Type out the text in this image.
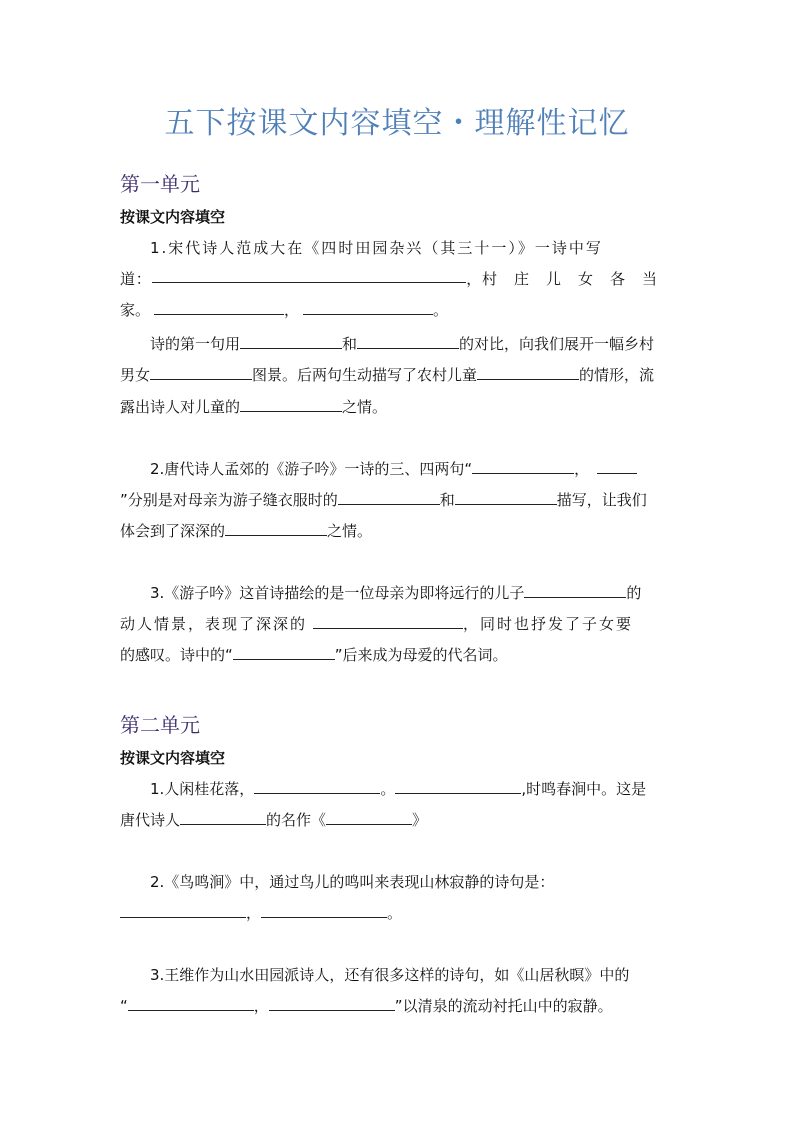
五下按课文内容填空・理解性记忆
第一单元
按课文内容填空
1.宋代诗人范成大在《四时田园杂兴（其三十一）》一诗中写
道 ：	， 村庄儿女各当
家。	，	。
诗的第一句用	和	的对比，向我们展开一幅乡村
男女	图景。后两句生动描写了农村儿童	的情形，流
露出诗人对儿童的	之情。
2.唐代诗人孟郊的《游子吟》一诗的三、四两句“	，
”分别是对母亲为游子缝衣服时的	和	描写，让我们
体会到了深深的	之情。
3.《游子吟》这首诗描绘的是一位母亲为即将远行的儿子	的
动人情景，表现了深深的	，同时也抒发了子女要
的感叹。诗中的“	”后来成为母爱的代名词。
第二单元
按课文内容填空
1.人闲桂花落，	。	,时鸣春涧中。这是
唐代诗人	的名作《	》
2.《鸟鸣涧》中，通过鸟儿的鸣叫来表现山林寂静的诗句是：
，	。
3.王维作为山水田园派诗人，还有很多这样的诗句，如《山居秋暝》中的
“	，	”以清泉的流动衬托山中的寂静。
